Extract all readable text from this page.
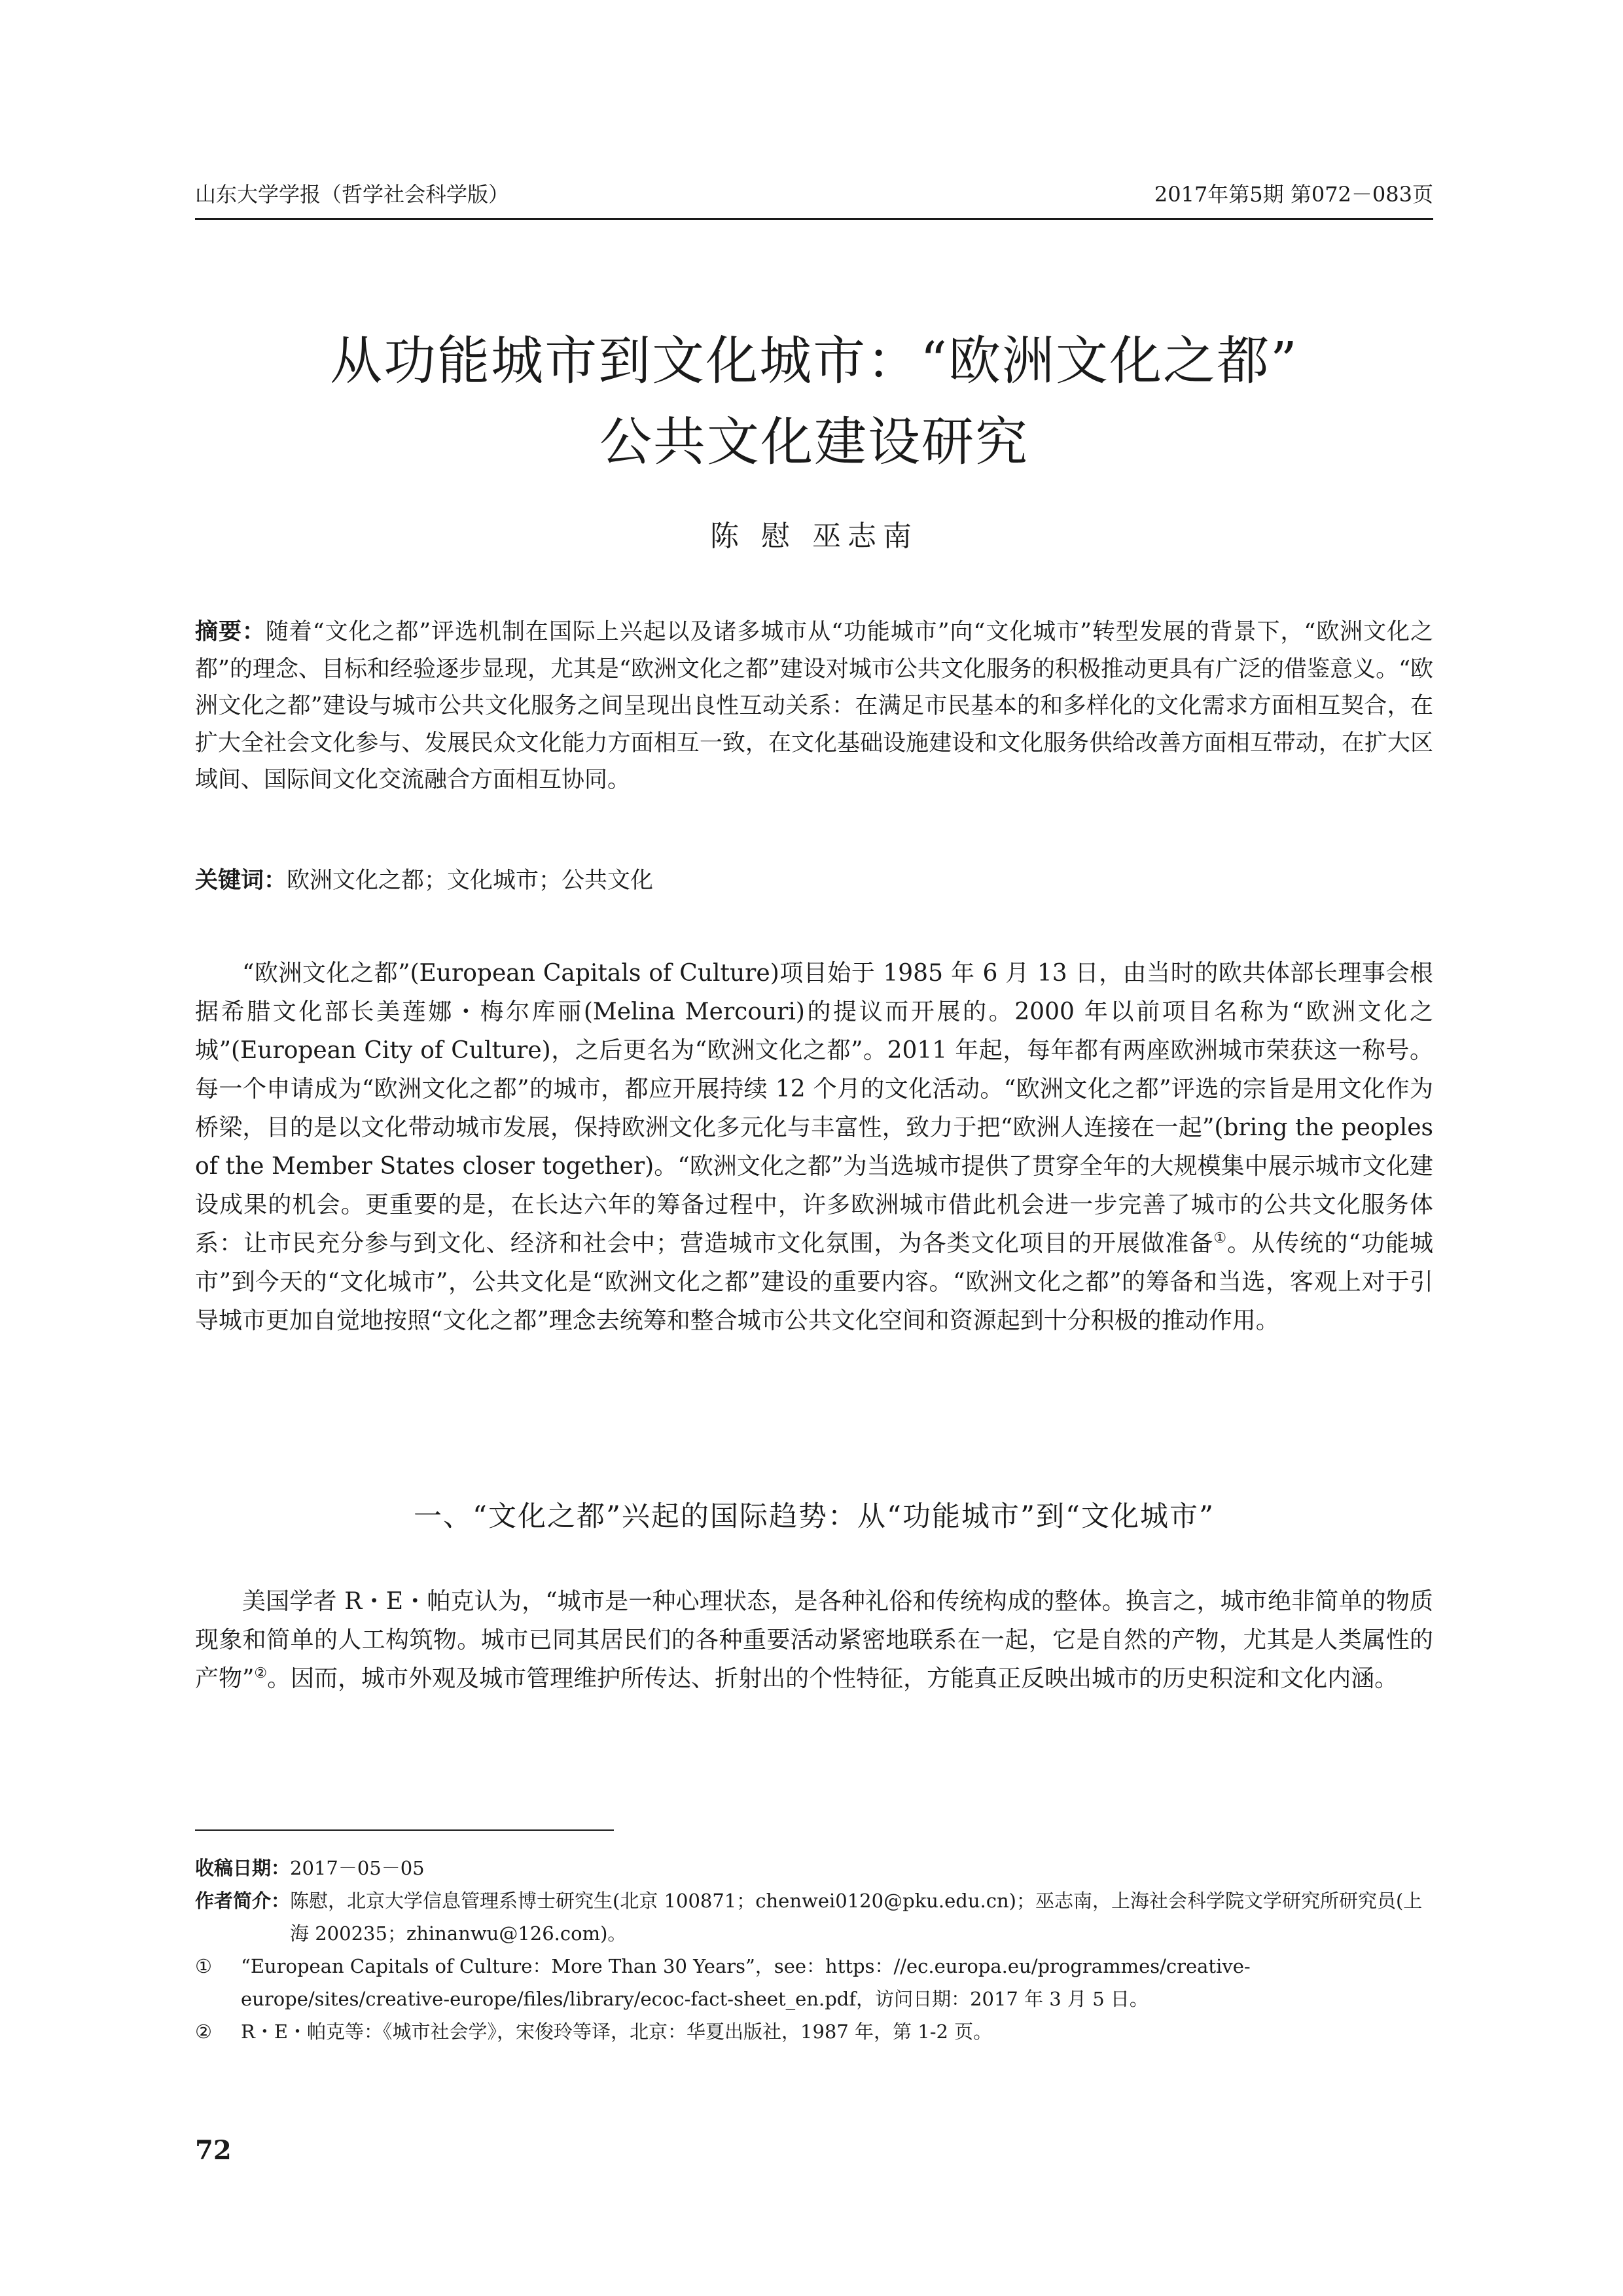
山东大学学报（哲学社会科学版）	2017年第5期 第072－083页
从功能城市到文化城市：“欧洲文化之都”
公共文化建设研究
陈 慰 巫志南
摘要：随着“文化之都”评选机制在国际上兴起以及诸多城市从“功能城市”向“文化城市”转型发展的背景下，“欧洲文化之都”的理念、目标和经验逐步显现，尤其是“欧洲文化之都”建设对城市公共文化服务的积极推动更具有广泛的借鉴意义。“欧洲文化之都”建设与城市公共文化服务之间呈现出良性互动关系：在满足市民基本的和多样化的文化需求方面相互契合，在扩大全社会文化参与、发展民众文化能力方面相互一致，在文化基础设施建设和文化服务供给改善方面相互带动，在扩大区域间、国际间文化交流融合方面相互协同。
关键词：欧洲文化之都；文化城市；公共文化

“欧洲文化之都”(European Capitals of Culture)项目始于 1985 年 6 月 13 日，由当时的欧共体部长理事会根据希腊文化部长美莲娜・梅尔库丽(Melina Mercouri)的提议而开展的。2000 年以前项目名称为“欧洲文化之城”(European City of Culture)，之后更名为“欧洲文化之都”。2011 年起，每年都有两座欧洲城市荣获这一称号。每一个申请成为“欧洲文化之都”的城市，都应开展持续 12 个月的文化活动。“欧洲文化之都”评选的宗旨是用文化作为桥梁，目的是以文化带动城市发展，保持欧洲文化多元化与丰富性，致力于把“欧洲人连接在一起”(bring the peoples of the Member States closer together)。“欧洲文化之都”为当选城市提供了贯穿全年的大规模集中展示城市文化建设成果的机会。更重要的是，在长达六年的筹备过程中，许多欧洲城市借此机会进一步完善了城市的公共文化服务体系：让市民充分参与到文化、经济和社会中；营造城市文化氛围，为各类文化项目的开展做准备①。从传统的“功能城市”到今天的“文化城市”，公共文化是“欧洲文化之都”建设的重要内容。“欧洲文化之都”的筹备和当选，客观上对于引导城市更加自觉地按照“文化之都”理念去统筹和整合城市公共文化空间和资源起到十分积极的推动作用。

一、“文化之都”兴起的国际趋势：从“功能城市”到“文化城市”

美国学者 R・E・帕克认为，“城市是一种心理状态，是各种礼俗和传统构成的整体。换言之，城市绝非简单的物质现象和简单的人工构筑物。城市已同其居民们的各种重要活动紧密地联系在一起，它是自然的产物，尤其是人类属性的产物”②。因而，城市外观及城市管理维护所传达、折射出的个性特征，方能真正反映出城市的历史积淀和文化内涵。

收稿日期： 2017－05－05
作者简介： 陈慰，北京大学信息管理系博士研究生(北京 100871；chenwei0120@pku.edu.cn)；巫志南，上海社会科学院文学研究所研究员(上海 200235；zhinanwu@126.com)。
①	“European Capitals of Culture：More Than 30 Years”，see：https：//ec.europa.eu/programmes/creative-europe/sites/creative-europe/files/library/ecoc-fact-sheet_en.pdf，访问日期：2017 年 3 月 5 日。
②	R・E・帕克等：《城市社会学》，宋俊玲等译，北京：华夏出版社，1987 年，第 1-2 页。
72
